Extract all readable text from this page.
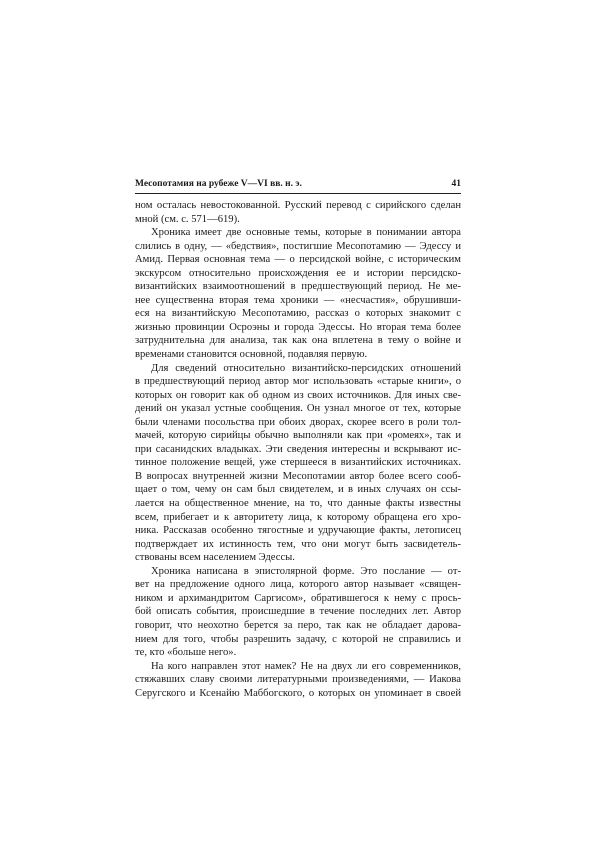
Месопотамия на рубеже V—VI вв. н. э.	41
ном осталась невостокованной. Русский перевод с сирийского сделан
мной (см. с. 571—619).
Хроника имеет две основные темы, которые в понимании автора
слились в одну, — «бедствия», постигшие Месопотамию — Эдессу и
Амид. Первая основная тема — о персидской войне, с историческим
экскурсом относительно происхождения ее и истории персидско-
византийских взаимоотношений в предшествующий период. Не ме-
нее существенна вторая тема хроники — «несчастия», обрушивши-
еся на византийскую Месопотамию, рассказ о которых знакомит с
жизнью провинции Осроэны и города Эдессы. Но вторая тема более
затруднительна для анализа, так как она вплетена в тему о войне и
временами становится основной, подавляя первую.
Для сведений относительно византийско-персидских отношений
в предшествующий период автор мог использовать «старые книги», о
которых он говорит как об одном из своих источников. Для иных све-
дений он указал устные сообщения. Он узнал многое от тех, которые
были членами посольства при обоих дворах, скорее всего в роли тол-
мачей, которую сирийцы обычно выполняли как при «ромеях», так и
при сасанидских владыках. Эти сведения интересны и вскрывают ис-
тинное положение вещей, уже стершееся в византийских источниках.
В вопросах внутренней жизни Месопотамии автор более всего сооб-
щает о том, чему он сам был свидетелем, и в иных случаях он ссы-
лается на общественное мнение, на то, что данные факты известны
всем, прибегает и к авторитету лица, к которому обращена его хро-
ника. Рассказав особенно тягостные и удручающие факты, летописец
подтверждает их истинность тем, что они могут быть засвидетель-
ствованы всем населением Эдессы.
Хроника написана в эпистолярной форме. Это послание — от-
вет на предложение одного лица, которого автор называет «священ-
ником и архимандритом Саргисом», обратившегося к нему с прось-
бой описать события, происшедшие в течение последних лет. Автор
говорит, что неохотно берется за перо, так как не обладает дарова-
нием для того, чтобы разрешить задачу, с которой не справились и
те, кто «больше него».
На кого направлен этот намек? Не на двух ли его современников,
стяжавших славу своими литературными произведениями, — Иакова
Серугского и Ксенайю Маббогского, о которых он упоминает в своей
